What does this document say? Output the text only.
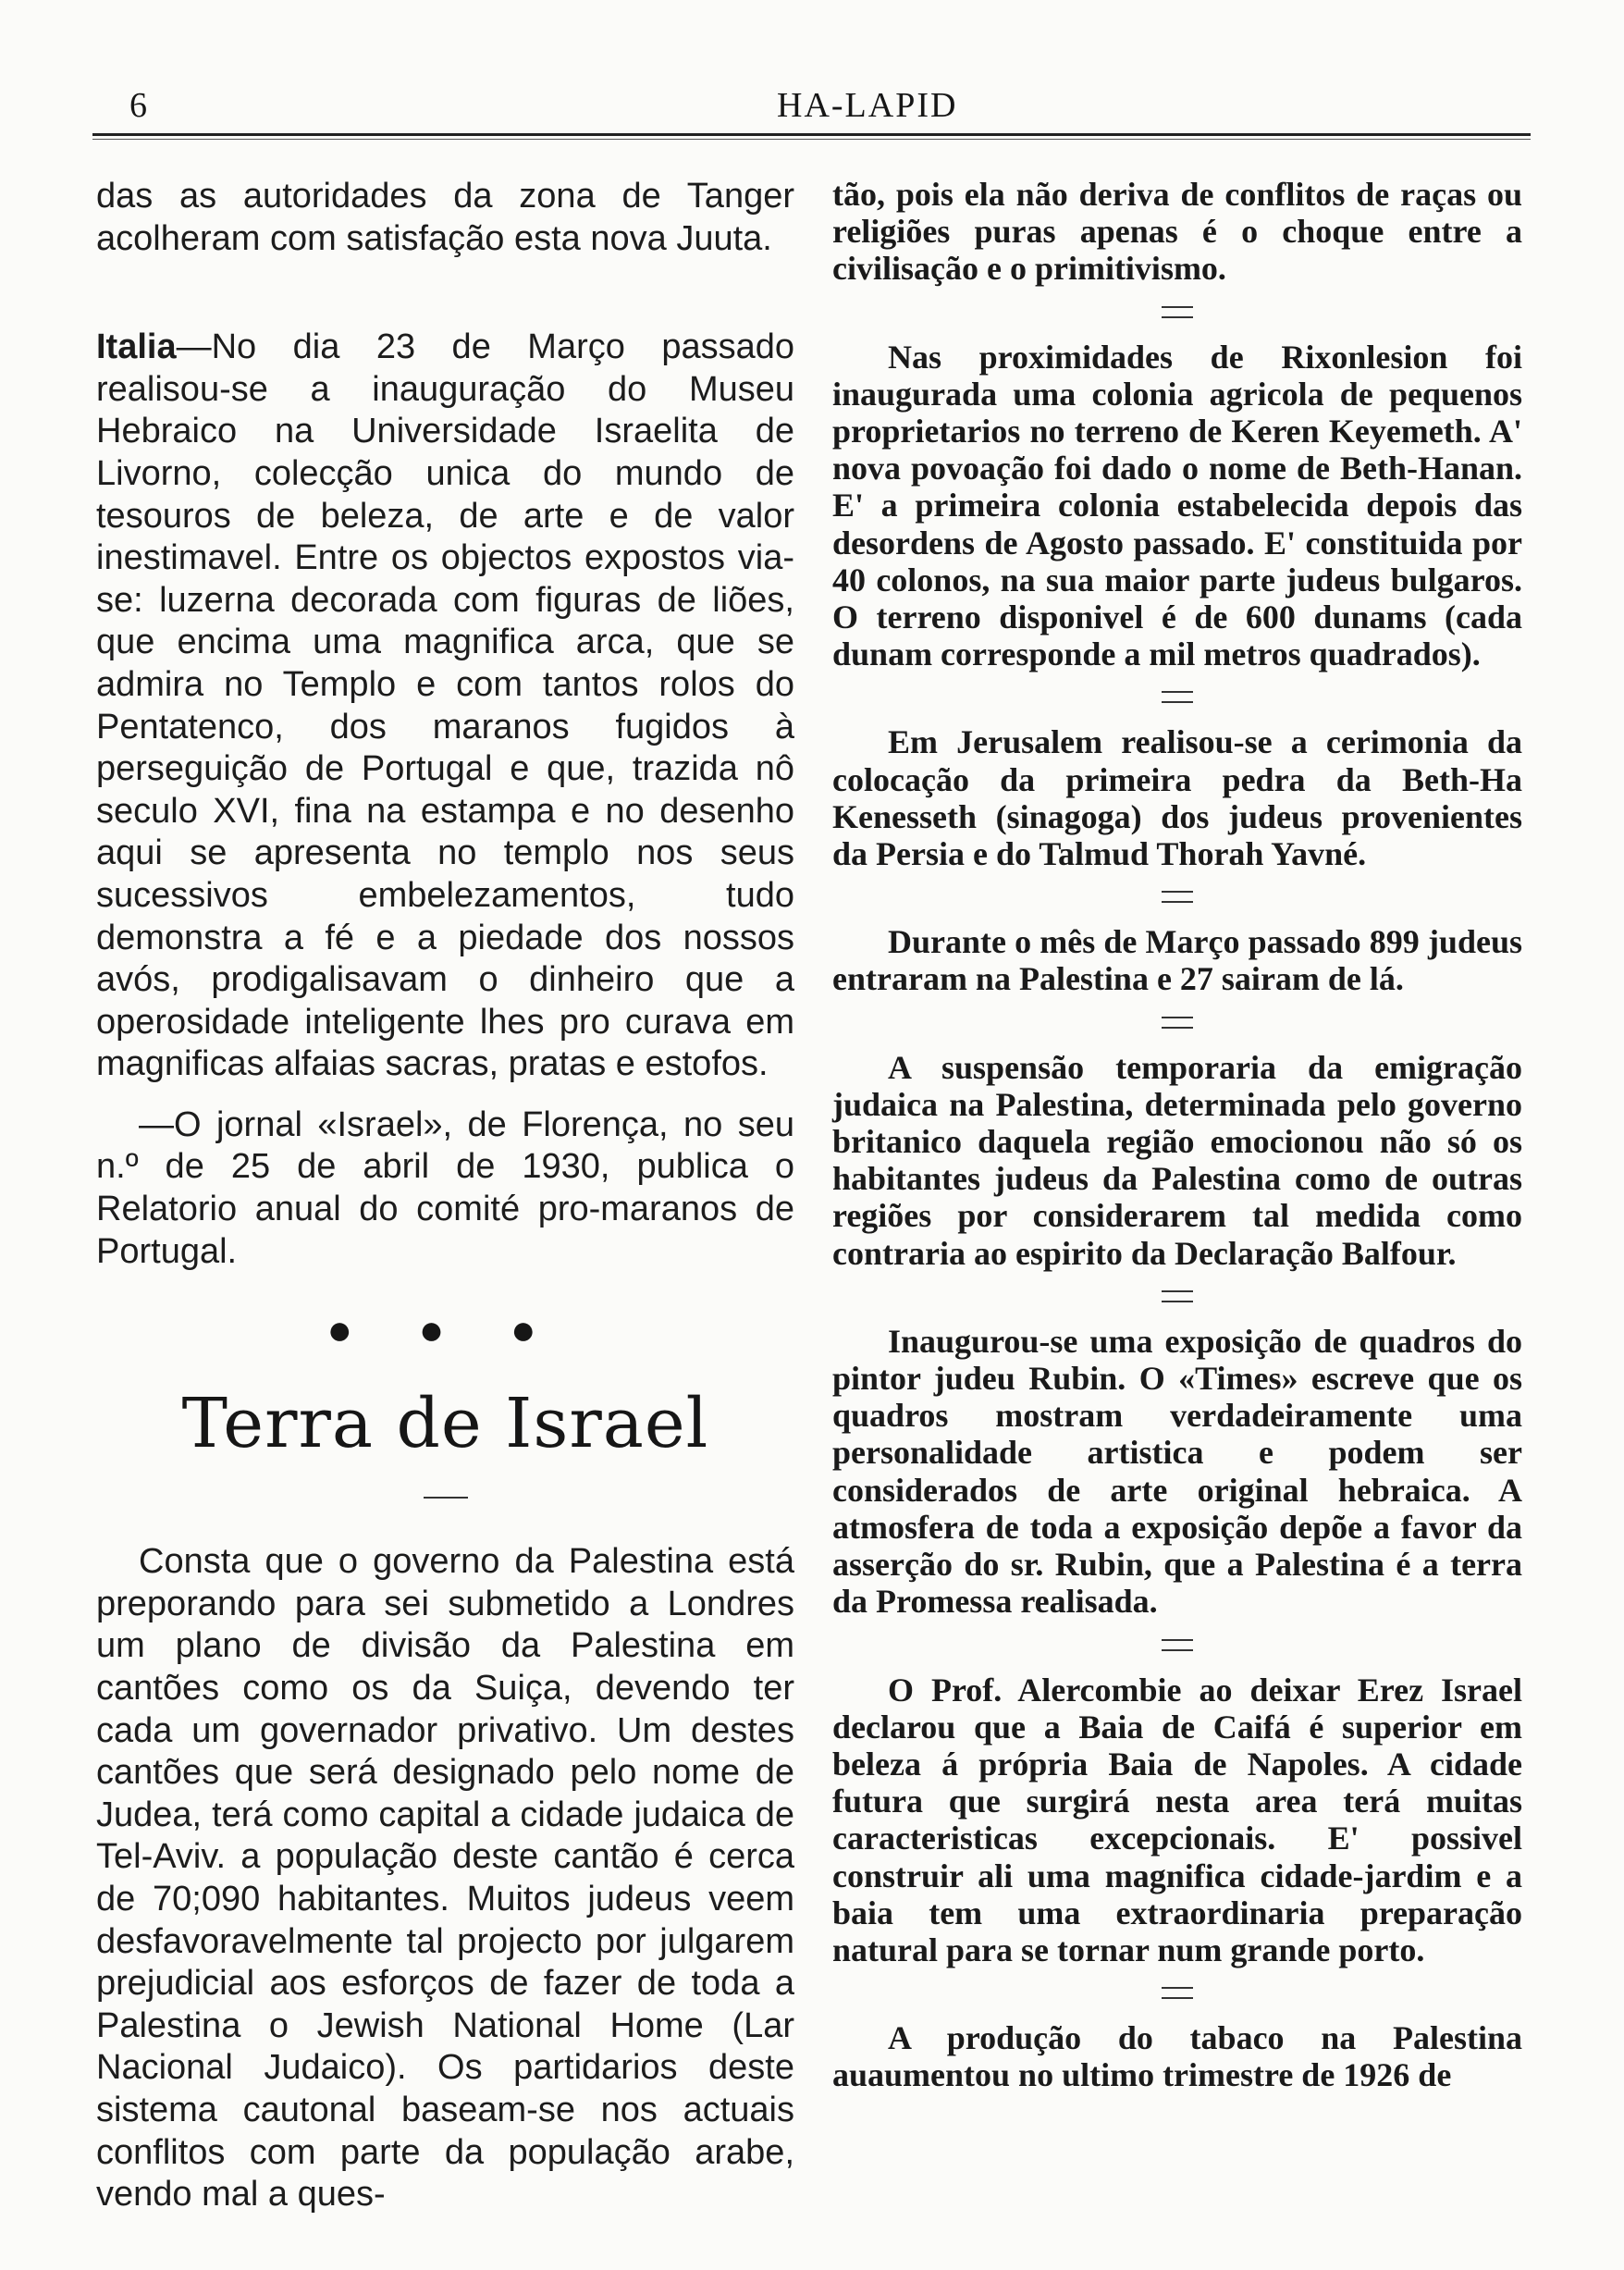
6	HA-LAPID

das as autoridades da zona de Tanger acolheram com satisfação esta nova Juuta.

Italia—No dia 23 de Março passado realisou-se a inauguração do Museu Hebraico na Universidade Israelita de Livorno, colecção unica do mundo de tesouros de beleza, de arte e de valor inestimavel. Entre os objectos expostos via-se: luzerna decorada com figuras de liões, que encima uma magnifica arca, que se admira no Templo e com tantos rolos do Pentatenco, dos maranos fugidos à perseguição de Portugal e que, trazida nô seculo XVI, fina na estampa e no desenho aqui se apresenta no templo nos seus sucessivos embelezamentos, tudo demonstra a fé e a piedade dos nossos avós, prodigalisavam o dinheiro que a operosidade inteligente lhes pro curava em magnificas alfaias sacras, pratas e estofos.

—O jornal «Israel», de Florença, no seu n.º de 25 de abril de 1930, publica o Relatorio anual do comité pro-maranos de Portugal.

● ● ●
Terra de Israel

Consta que o governo da Palestina está preporando para sei submetido a Londres um plano de divisão da Palestina em cantões como os da Suiça, devendo ter cada um governador privativo. Um destes cantões que será designado pelo nome de Judea, terá como capital a cidade judaica de Tel-Aviv. a população deste cantão é cerca de 70;090 habitantes. Muitos judeus veem desfavoravelmente tal projecto por julgarem prejudicial aos esforços de fazer de toda a Palestina o Jewish National Home (Lar Nacional Judaico). Os partidarios deste sistema cautonal baseam-se nos actuais conflitos com parte da população arabe, vendo mal a ques-

tão, pois ela não deriva de conflitos de raças ou religiões puras apenas é o choque entre a civilisação e o primitivismo.

Nas proximidades de Rixonlesion foi inaugurada uma colonia agricola de pequenos proprietarios no terreno de Keren Keyemeth. A' nova povoação foi dado o nome de Beth-Hanan. E' a primeira colonia estabelecida depois das desordens de Agosto passado. E' constituida por 40 colonos, na sua maior parte judeus bulgaros. O terreno disponivel é de 600 dunams (cada dunam corresponde a mil metros quadrados).

Em Jerusalem realisou-se a cerimonia da colocação da primeira pedra da Beth-Ha Kenesseth (sinagoga) dos judeus provenientes da Persia e do Talmud Thorah Yavné.

Durante o mês de Março passado 899 judeus entraram na Palestina e 27 sairam de lá.

A suspensão temporaria da emigração judaica na Palestina, determinada pelo governo britanico daquela região emocionou não só os habitantes judeus da Palestina como de outras regiões por considerarem tal medida como contraria ao espirito da Declaração Balfour.

Inaugurou-se uma exposição de quadros do pintor judeu Rubin. O «Times» escreve que os quadros mostram verdadeiramente uma personalidade artistica e podem ser considerados de arte original hebraica. A atmosfera de toda a exposição depõe a favor da asserção do sr. Rubin, que a Palestina é a terra da Promessa realisada.

O Prof. Alercombie ao deixar Erez Israel declarou que a Baia de Caifá é superior em beleza á própria Baia de Napoles. A cidade futura que surgirá nesta area terá muitas caracteristicas excepcionais. E' possivel construir ali uma magnifica cidade-jardim e a baia tem uma extraordinaria preparação natural para se tornar num grande porto.

A produção do tabaco na Palestina auaumentou no ultimo trimestre de 1926 de
